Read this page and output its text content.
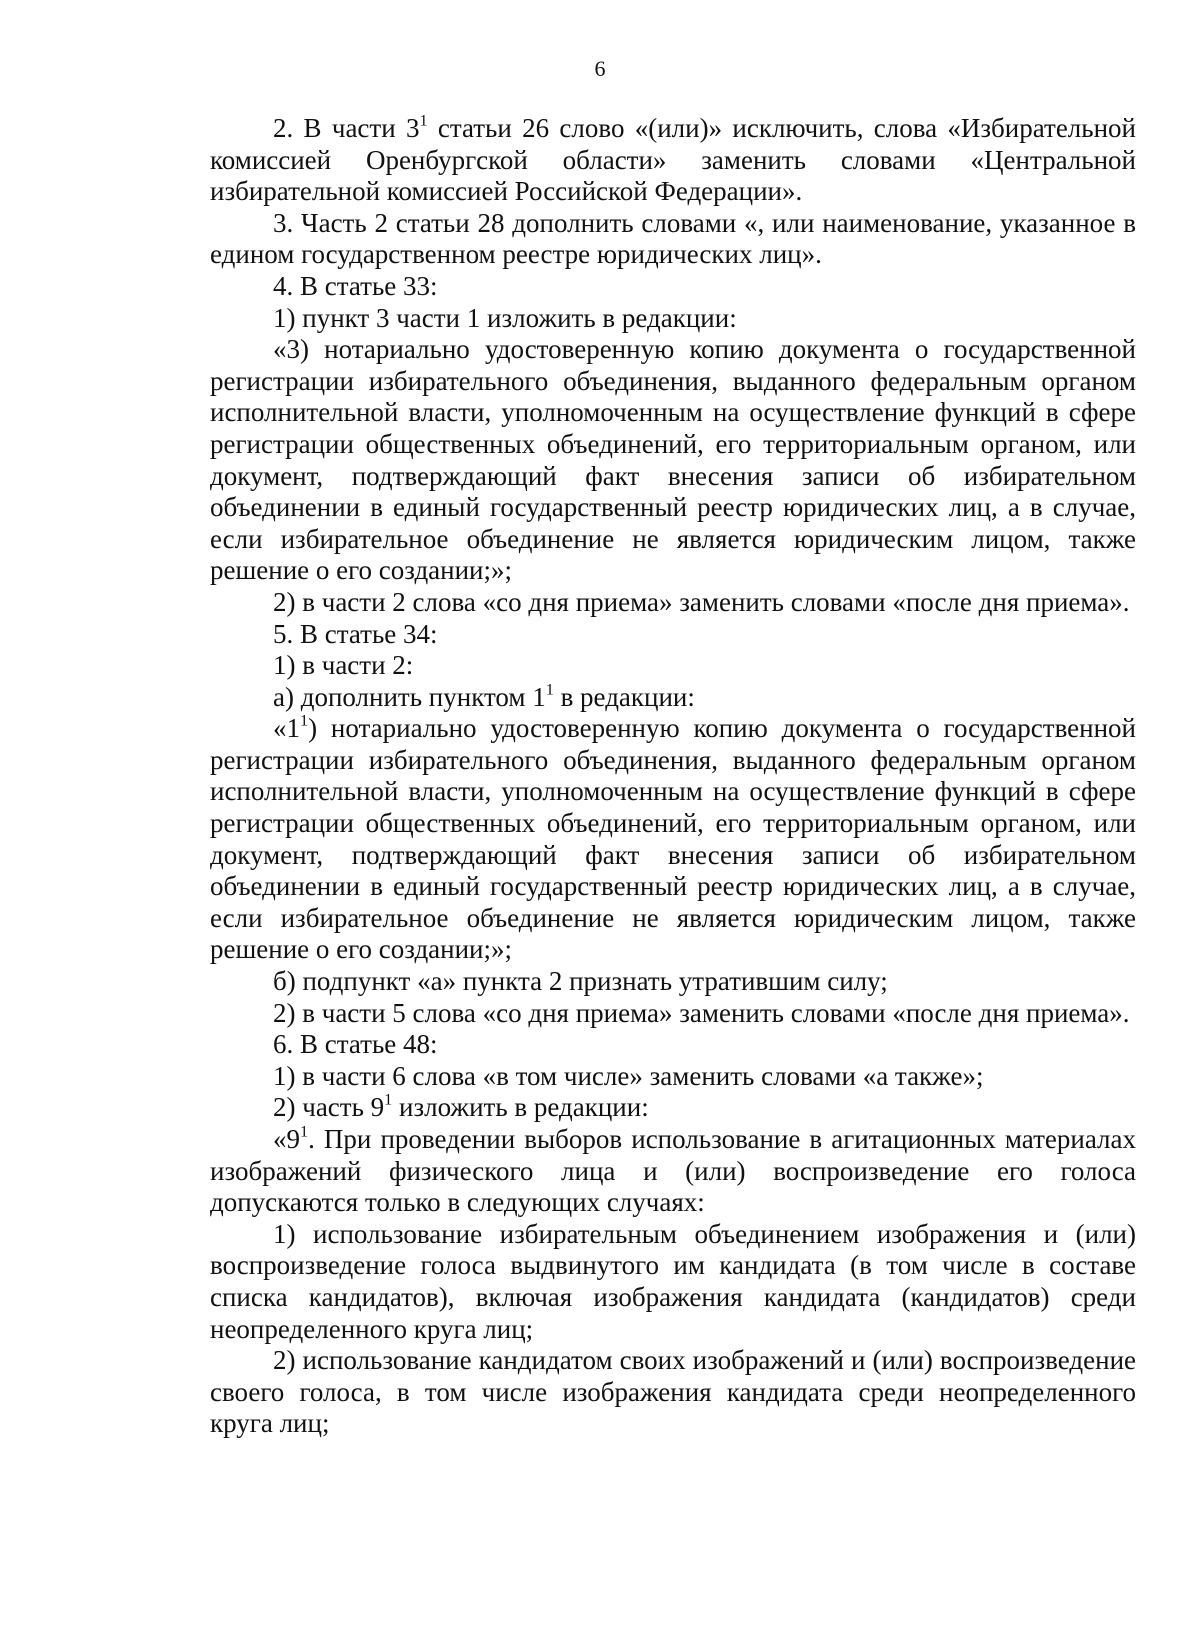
6

2. В части $3^1$ статьи 26 слово «(или)» исключить, слова «Избирательной комиссией Оренбургской области» заменить словами «Центральной избирательной комиссией Российской Федерации».

3. Часть 2 статьи 28 дополнить словами «, или наименование, указанное в едином государственном реестре юридических лиц».

4. В статье 33:

1) пункт 3 части 1 изложить в редакции:

«3) нотариально удостоверенную копию документа о государственной регистрации избирательного объединения, выданного федеральным органом исполнительной власти, уполномоченным на осуществление функций в сфере регистрации общественных объединений, его территориальным органом, или документ, подтверждающий факт внесения записи об избирательном объединении в единый государственный реестр юридических лиц, а в случае, если избирательное объединение не является юридическим лицом, также решение о его создании;»;

2) в части 2 слова «со дня приема» заменить словами «после дня приема».

5. В статье 34:

1) в части 2:

а) дополнить пунктом $1^1$ в редакции:

«$1^1$) нотариально удостоверенную копию документа о государственной регистрации избирательного объединения, выданного федеральным органом исполнительной власти, уполномоченным на осуществление функций в сфере регистрации общественных объединений, его территориальным органом, или документ, подтверждающий факт внесения записи об избирательном объединении в единый государственный реестр юридических лиц, а в случае, если избирательное объединение не является юридическим лицом, также решение о его создании;»;

б) подпункт «а» пункта 2 признать утратившим силу;

2) в части 5 слова «со дня приема» заменить словами «после дня приема».

6. В статье 48:

1) в части 6 слова «в том числе» заменить словами «а также»;

2) часть $9^1$ изложить в редакции:

«$9^1$. При проведении выборов использование в агитационных материалах изображений физического лица и (или) воспроизведение его голоса допускаются только в следующих случаях:

1) использование избирательным объединением изображения и (или) воспроизведение голоса выдвинутого им кандидата (в том числе в составе списка кандидатов), включая изображения кандидата (кандидатов) среди неопределенного круга лиц;

2) использование кандидатом своих изображений и (или) воспроизведение своего голоса, в том числе изображения кандидата среди неопределенного круга лиц;
